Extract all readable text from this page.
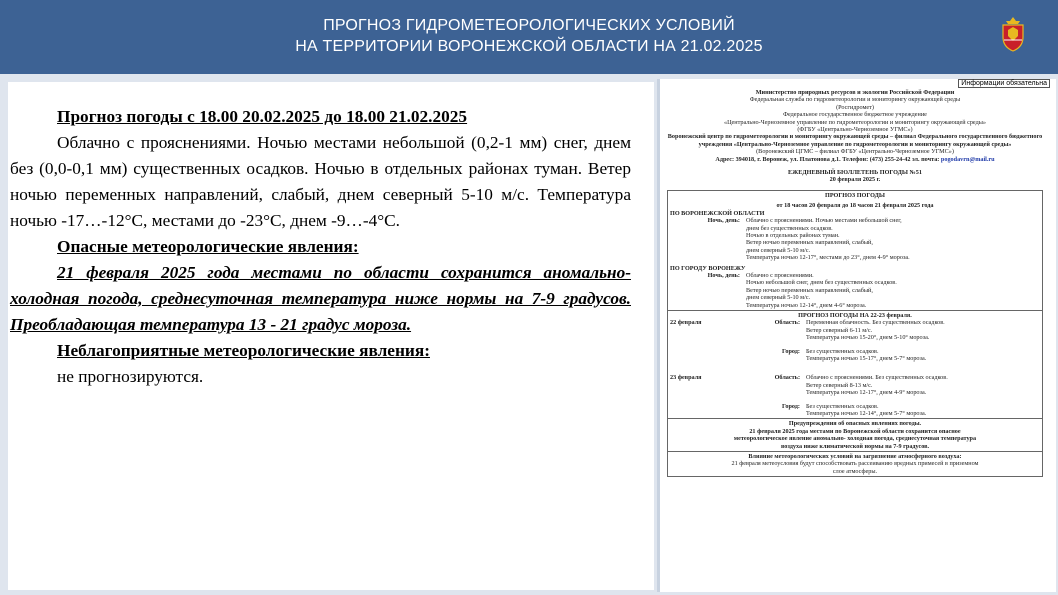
ПРОГНОЗ ГИДРОМЕТЕОРОЛОГИЧЕСКИХ УСЛОВИЙ
НА ТЕРРИТОРИИ ВОРОНЕЖСКОЙ ОБЛАСТИ НА 21.02.2025

Прогноз погоды с 18.00 20.02.2025 до 18.00 21.02.2025

Облачно с прояснениями. Ночью местами небольшой (0,2-1 мм) снег, днем без (0,0-0,1 мм) существенных осадков. Ночью в отдельных районах туман. Ветер ночью переменных направлений, слабый, днем северный 5-10 м/с. Температура ночью -17…-12°С, местами до -23°С, днем -9…-4°С.

Опасные метеорологические явления:

21 февраля 2025 года местами по области сохранится аномально- холодная погода, среднесуточная температура ниже нормы на 7-9 градусов. Преобладающая температура 13 - 21 градус мороза.

Неблагоприятные метеорологические явления:

не прогнозируются.

Информации обязательна
Министерство природных ресурсов и экологии Российской Федерации
Федеральная служба по гидрометеорологии и мониторингу окружающей среды
(Росгидромет)
Федеральное государственное бюджетное учреждение
«Центрально-Черноземное управление по гидрометеорологии и мониторингу окружающей среды»
(ФГБУ «Центрально-Черноземное УГМС»)
Воронежский центр по гидрометеорологии и мониторингу окружающей среды – филиал Федерального государственного бюджетного учреждения «Центрально-Черноземное управление по гидрометеорологии и мониторингу окружающей среды»
(Воронежский ЦГМС – филиал ФГБУ «Центрально-Черноземное УГМС»)
Адрес: 394018, г. Воронеж, ул. Платонова д.1. Телефон: (473) 255-24-42 эл. почта: pogodavrn@mail.ru
ЕЖЕДНЕВНЫЙ БЮЛЛЕТЕНЬ ПОГОДЫ №51
20 февраля 2025 г.
ПРОГНОЗ ПОГОДЫ
от 18 часов 20 февраля до 18 часов 21 февраля 2025 года
ПО ВОРОНЕЖСКОЙ ОБЛАСТИ
Ночь, день: Облачно с прояснениями. Ночью местами небольшой снег,
днем без существенных осадков.
Ночью в отдельных районах туман.
Ветер ночью переменных направлений, слабый,
днем северный 5-10 м/с.
Температура ночью 12-17°, местами до 23°, днем 4-9° мороза.
ПО ГОРОДУ ВОРОНЕЖУ
Ночь, день: Облачно с прояснениями.
Ночью небольшой снег, днем без существенных осадков.
Ветер ночью переменных направлений, слабый,
днем северный 5-10 м/с.
Температура ночью 12-14°, днем 4-6° мороза.
ПРОГНОЗ ПОГОДЫ НА 22-23 февраля.
22 февраля	Область: Переменная облачность. Без существенных осадков.
Ветер северный 6-11 м/с.
Температура ночью 15-20°, днем 5-10° мороза.
Город: Без существенных осадков.
Температура ночью 15-17°, днем 5-7° мороза.
23 февраля	Область: Облачно с прояснениями. Без существенных осадков.
Ветер северный 8-13 м/с.
Температура ночью 12-17°, днем 4-9° мороза.
Город: Без существенных осадков.
Температура ночью 12-14°, днем 5-7° мороза.
Предупреждения об опасных явлениях погоды.
21 февраля 2025 года местами по Воронежской области сохранится опасное
метеорологическое явление аномально- холодная погода, среднесуточная температура
воздуха ниже климатической нормы на 7-9 градусов.
Влияние метеорологических условий на загрязнение атмосферного воздуха:
21 февраля метеоусловия будут способствовать рассеиванию вредных примесей в приземном
слое атмосферы.
